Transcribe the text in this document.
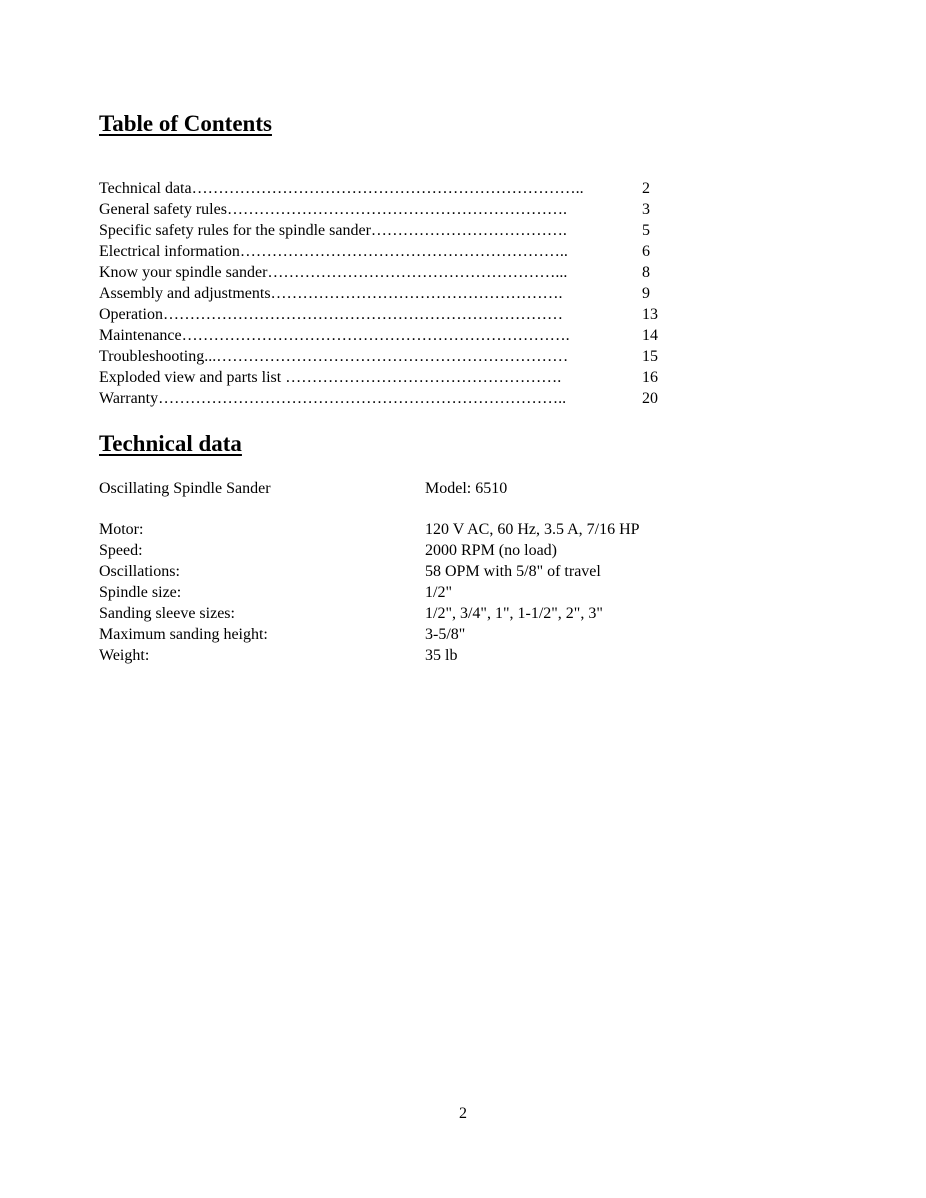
Table of Contents
Technical data………………………………………………………………..	2
General safety rules……………………………………………………….	3
Specific safety rules for the spindle sander……………………………….	5
Electrical information……………………………………………………..	6
Know your spindle sander………………………………………………...	8
Assembly and adjustments……………………………………………….	9
Operation…………………………………………………………………	13
Maintenance……………………………………………………………….	14
Troubleshooting...…………………………………………………………	15
Exploded view and parts list …………………………………………….	16
Warranty…………………………………………………………………..	20
Technical data
Oscillating Spindle Sander	Model: 6510
Motor:	120 V AC, 60 Hz, 3.5 A, 7/16 HP
Speed:	2000 RPM (no load)
Oscillations:	58 OPM with 5/8" of travel
Spindle size:	1/2"
Sanding sleeve sizes:	1/2", 3/4", 1", 1-1/2", 2", 3"
Maximum sanding height:	3-5/8"
Weight:	35 lb
2
